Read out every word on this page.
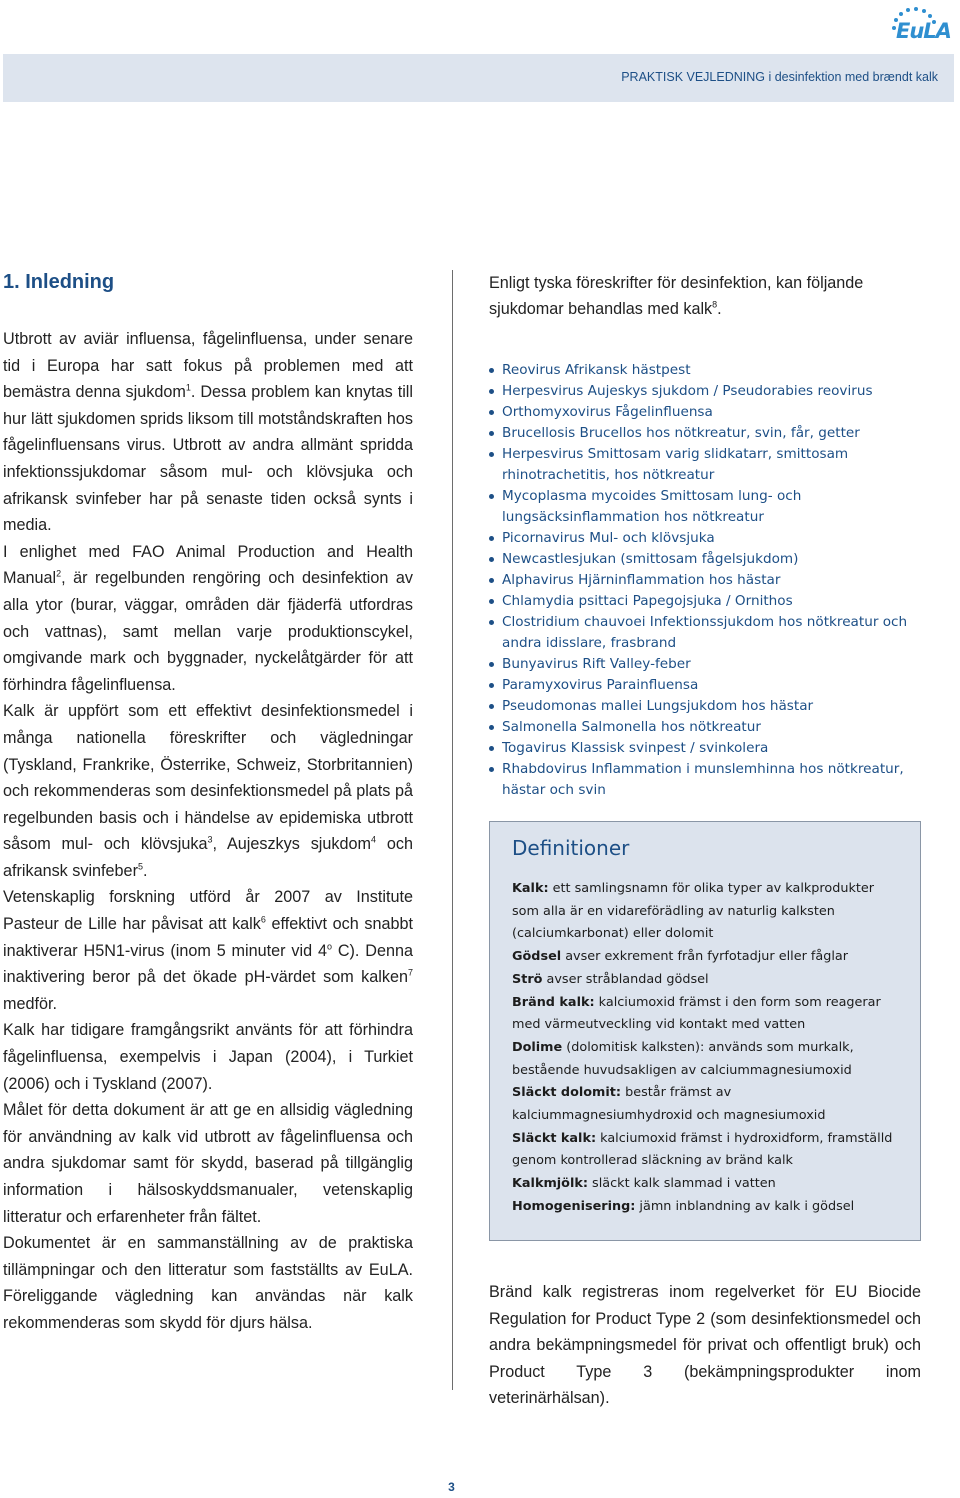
EuLA
PRAKTISK VEJLEDNING i desinfektion med brændt kalk
1. Inledning

Utbrott av aviär influensa, fågelinfluensa, under senare tid i Europa har satt fokus på problemen med att bemästra denna sjukdom$^1$. Dessa problem kan knytas till hur lätt sjukdomen sprids liksom till motståndskraften hos fågelinfluensans virus. Utbrott av andra allmänt spridda infektionssjukdomar såsom mul- och klövsjuka och afrikansk svinfeber har på senaste tiden också synts i media.

I enlighet med FAO Animal Production and Health Manual$^2$, är regelbunden rengöring och desinfektion av alla ytor (burar, väggar, områden där fjäderfä utfordras och vattnas), samt mellan varje produktionscykel, omgivande mark och byggnader, nyckelåtgärder för att förhindra fågelinfluensa.

Kalk är uppfört som ett effektivt desinfektionsmedel i många nationella föreskrifter och vägledningar (Tyskland, Frankrike, Österrike, Schweiz, Storbritannien) och rekommenderas som desinfektionsmedel på plats på regelbunden basis och i händelse av epidemiska utbrott såsom mul- och klövsjuka$^3$, Aujeszkys sjukdom$^4$ och afrikansk svinfeber$^5$.

Vetenskaplig forskning utförd år 2007 av Institute Pasteur de Lille har påvisat att kalk$^6$ effektivt och snabbt inaktiverar H5N1-virus (inom 5 minuter vid 4$^o$ C). Denna inaktivering beror på det ökade pH-värdet som kalken$^7$ medför.

Kalk har tidigare framgångsrikt använts för att förhindra fågelinfluensa, exempelvis i Japan (2004), i Turkiet (2006) och i Tyskland (2007).

Målet för detta dokument är att ge en allsidig vägledning för användning av kalk vid utbrott av fågelinfluensa och andra sjukdomar samt för skydd, baserad på tillgänglig information i hälsoskyddsmanualer, vetenskaplig litteratur och erfarenheter från fältet.

Dokumentet är en sammanställning av de praktiska tillämpningar och den litteratur som fastställts av EuLA. Föreliggande vägledning kan användas när kalk rekommenderas som skydd för djurs hälsa.

Enligt tyska föreskrifter för desinfektion, kan följande sjukdomar behandlas med kalk$^8$.

Reovirus Afrikansk hästpest
Herpesvirus Aujeskys sjukdom / Pseudorabies reovirus
Orthomyxovirus Fågelinfluensa
Brucellosis Brucellos hos nötkreatur, svin, får, getter
Herpesvirus Smittosam varig slidkatarr, smittosam rhinotrachetitis, hos nötkreatur
Mycoplasma mycoides Smittosam lung- och lungsäcksinflammation hos nötkreatur
Picornavirus Mul- och klövsjuka
Newcastlesjukan (smittosam fågelsjukdom)
Alphavirus Hjärninflammation hos hästar
Chlamydia psittaci Papegojsjuka / Ornithos
Clostridium chauvoei Infektionssjukdom hos nötkreatur och andra idisslare, frasbrand
Bunyavirus Rift Valley-feber
Paramyxovirus Parainfluensa
Pseudomonas mallei Lungsjukdom hos hästar
Salmonella Salmonella hos nötkreatur
Togavirus Klassisk svinpest / svinkolera
Rhabdovirus Inflammation i munslemhinna hos nötkreatur, hästar och svin
Definitioner
Kalk: ett samlingsnamn för olika typer av kalkprodukter som alla är en vidareförädling av naturlig kalksten (calciumkarbonat) eller dolomit
Gödsel avser exkrement från fyrfotadjur eller fåglar
Strö avser stråblandad gödsel
Bränd kalk: kalciumoxid främst i den form som reagerar med värmeutveckling vid kontakt med vatten
Dolime (dolomitisk kalksten): används som murkalk, bestående huvudsakligen av calciummagnesiumoxid
Släckt dolomit: består främst av kalciummagnesiumhydroxid och magnesiumoxid
Släckt kalk: kalciumoxid främst i hydroxidform, framställd genom kontrollerad släckning av bränd kalk
Kalkmjölk: släckt kalk slammad i vatten
Homogenisering: jämn inblandning av kalk i gödsel

Bränd kalk registreras inom regelverket för EU Biocide Regulation for Product Type 2 (som desinfektionsmedel och andra bekämpningsmedel för privat och offentligt bruk) och Product Type 3 (bekämpningsprodukter inom veterinärhälsan).

3
